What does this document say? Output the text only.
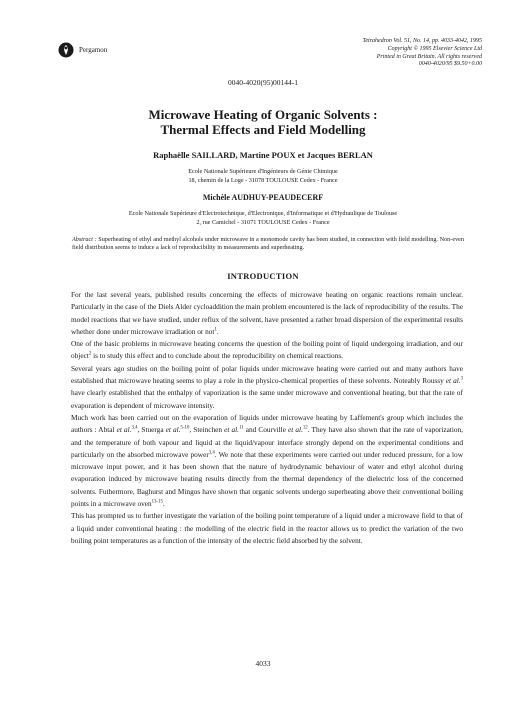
Pergamon
Tetrahedron Vol. 51, No. 14, pp. 4033-4042, 1995
Copyright © 1995 Elsevier Science Ltd
Printed in Great Britain. All rights reserved
0040-4020/95 $9.50+0.00
0040-4020(95)00144-1
Microwave Heating of Organic Solvents :
Thermal Effects and Field Modelling
Raphaëlle SAILLARD, Martine POUX et Jacques BERLAN
Ecole Nationale Supérieure d'Ingénieurs de Génie Chimique
18, chemin de la Loge - 31078 TOULOUSE Cedex - France
Michèle AUDHUY-PEAUDECERF
Ecole Nationale Supérieure d'Electrotechnique, d'Electronique, d'Informatique et d'Hydraulique de Toulouse
2, rue Camichel - 31071 TOULOUSE Cedex - France
Abstract : Superheating of ethyl and methyl alcohols under microwave in a monomode cavity has been studied, in connection with field modelling. Non-even field distribution seems to induce a lack of reproducibility in measurements and superheating.
INTRODUCTION

For the last several years, published results concerning the effects of microwave heating on organic reactions remain unclear. Particularly in the case of the Diels Alder cycloaddition the main problem encountered is the lack of reproducibility of the results. The model reactions that we have studied, under reflux of the solvent, have presented a rather broad dispersion of the experimental results whether done under microwave irradiation or not$^1$.

One of the basic problems in microwave heating concerns the question of the boiling point of liquid undergoing irradiation, and our object$^2$ is to study this effect and to conclude about the reproducibility on chemical reactions.

Several years ago studies on the boiling point of polar liquids under microwave heating were carried out and many authors have established that microwave heating seems to play a role in the physico-chemical properties of these solvents. Noteably Roussy et al.$^3$ have clearly established that the enthalpy of vaporization is the same under microwave and conventional heating, but that the rate of evaporation is dependent of microwave intensity.

Much work has been carried out on the evaporation of liquids under microwave heating by Laffement's group which includes the authors : Abtal et al.$^{3,4}$, Stuerga et al.$^{5-10}$, Steinchen et al.$^{11}$ and Courville et al.$^{12}$. They have also shown that the rate of vaporization, and the temperature of both vapour and liquid at the liquid/vapour interface strongly depend on the experimental conditions and particularly on the absorbed microwave power$^{3,4}$. We note that these experiments were carried out under reduced pressure, for a low microwave input power, and it has been shown that the nature of hydrodynamic behaviour of water and ethyl alcohol during evaporation induced by microwave heating results directly from the thermal dependency of the dielectric loss of the concerned solvents. Futhermore, Baghurst and Mingos have shown that organic solvents undergo superheating above their conventional boiling points in a microwave oven$^{13-15}$.

This has prompted us to further investigate the variation of the boiling point temperature of a liquid under a microwave field to that of a liquid under conventional heating : the modelling of the electric field in the reactor allows us to predict the variation of the two boiling point temperatures as a function of the intensity of the electric field absorbed by the solvent.

4033
